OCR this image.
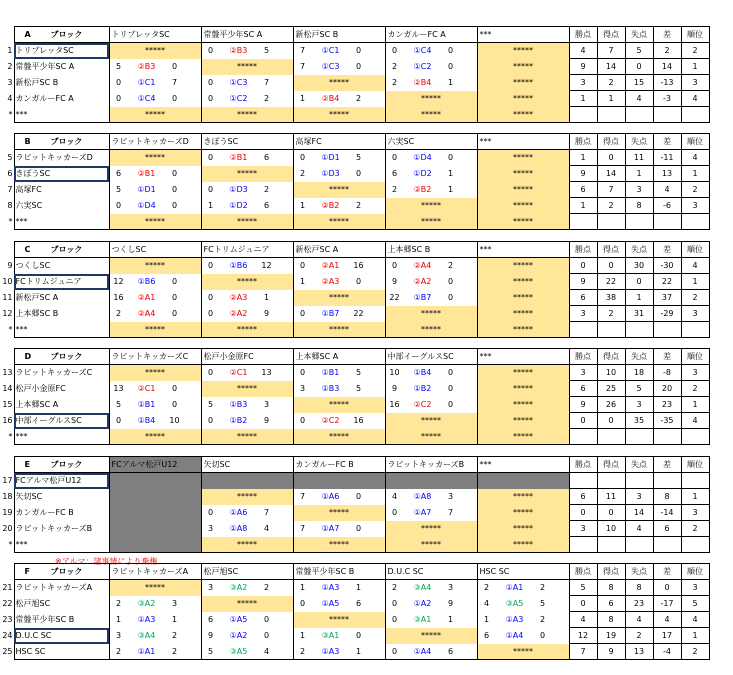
	A ブロック	トリプレッタSC	常盤平少年SC A	新松戸SC B	カンガルーFC A	***	勝点	得点	失点	差	順位
1	トリプレッタSC	*****	0 ②B3 5	7 ①C1 0	0 ①C4 0	*****	4	7	5	2	2
2	常盤平少年SC A	5 ②B3 0	*****	7 ①C3 0	2 ①C2 0	*****	9	14	0	14	1
3	新松戸SC B	0 ①C1 7	0 ①C3 7	*****	2 ②B4 1	*****	3	2	15	-13	3
4	カンガルーFC A	0 ①C4 0	0 ①C2 2	1 ②B4 2	*****	*****	1	1	4	-3	4
*	***	*****	*****	*****	*****	*****					
	B ブロック	ラビットキッカーズD	きぼうSC	高塚FC	六実SC	***	勝点	得点	失点	差	順位
5	ラビットキッカーズD	*****	0 ②B1 6	0 ①D1 5	0 ①D4 0	*****	1	0	11	-11	4
6	きぼうSC	6 ②B1 0	*****	2 ①D3 0	6 ①D2 1	*****	9	14	1	13	1
7	高塚FC	5 ①D1 0	0 ①D3 2	*****	2 ②B2 1	*****	6	7	3	4	2
8	六実SC	0 ①D4 0	1 ①D2 6	1 ②B2 2	*****	*****	1	2	8	-6	3
*	***	*****	*****	*****	*****	*****					
	C ブロック	つくしSC	FCトリムジュニア	新松戸SC A	上本郷SC B	***	勝点	得点	失点	差	順位
9	つくしSC	*****	0 ①B6 12	0 ②A1 16	0 ②A4 2	*****	0	0	30	-30	4
10	FCトリムジュニア	12 ①B6 0	*****	1 ②A3 0	9 ②A2 0	*****	9	22	0	22	1
11	新松戸SC A	16 ②A1 0	0 ②A3 1	*****	22 ①B7 0	*****	6	38	1	37	2
12	上本郷SC B	2 ②A4 0	0 ②A2 9	0 ①B7 22	*****	*****	3	2	31	-29	3
*	***	*****	*****	*****	*****	*****					
	D ブロック	ラビットキッカーズC	松戸小金原FC	上本郷SC A	中部イーグルスSC	***	勝点	得点	失点	差	順位
13	ラビットキッカーズC	*****	0 ②C1 13	0 ①B1 5	10 ①B4 0	*****	3	10	18	-8	3
14	松戸小金原FC	13 ②C1 0	*****	3 ①B3 5	9 ①B2 0	*****	6	25	5	20	2
15	上本郷SC A	5 ①B1 0	5 ①B3 3	*****	16 ②C2 0	*****	9	26	3	23	1
16	中部イーグルスSC	0 ①B4 10	0 ①B2 9	0 ②C2 16	*****	*****	0	0	35	-35	4
*	***	*****	*****	*****	*****	*****					
	E ブロック	FCアルマ松戸U12	矢切SC	カンガルーFC B	ラビットキッカーズB	***	勝点	得点	失点	差	順位
17	FCアルマ松戸U12										
18	矢切SC		*****	7 ①A6 0	4 ①A8 3	*****	6	11	3	8	1
19	カンガルーFC B		0 ①A6 7	*****	0 ①A7 7	*****	0	0	14	-14	3
20	ラビットキッカーズB		3 ①A8 4	7 ①A7 0	*****	*****	3	10	4	6	2
*	***		*****	*****	*****	*****					
	F ブロック	ラビットキッカーズA	松戸旭SC	常盤平少年SC B	D.U.C SC	HSC SC	勝点	得点	失点	差	順位
21	ラビットキッカーズA	*****	3 ③A2 2	1 ①A3 1	2 ③A4 3	2 ①A1 2	5	8	8	0	3
22	松戸旭SC	2 ③A2 3	*****	0 ①A5 6	0 ①A2 9	4 ③A5 5	0	6	23	-17	5
23	常盤平少年SC B	1 ①A3 1	6 ①A5 0	*****	0 ③A1 1	1 ①A3 2	4	8	4	4	4
24	D.U.C SC	3 ③A4 2	9 ①A2 0	1 ③A1 0	*****	6 ①A4 0	12	19	2	17	1
25	HSC SC	2 ①A1 2	5 ③A5 4	2 ①A3 1	0 ①A4 6	*****	7	9	13	-4	2
※アルマ：諸事情により棄権
